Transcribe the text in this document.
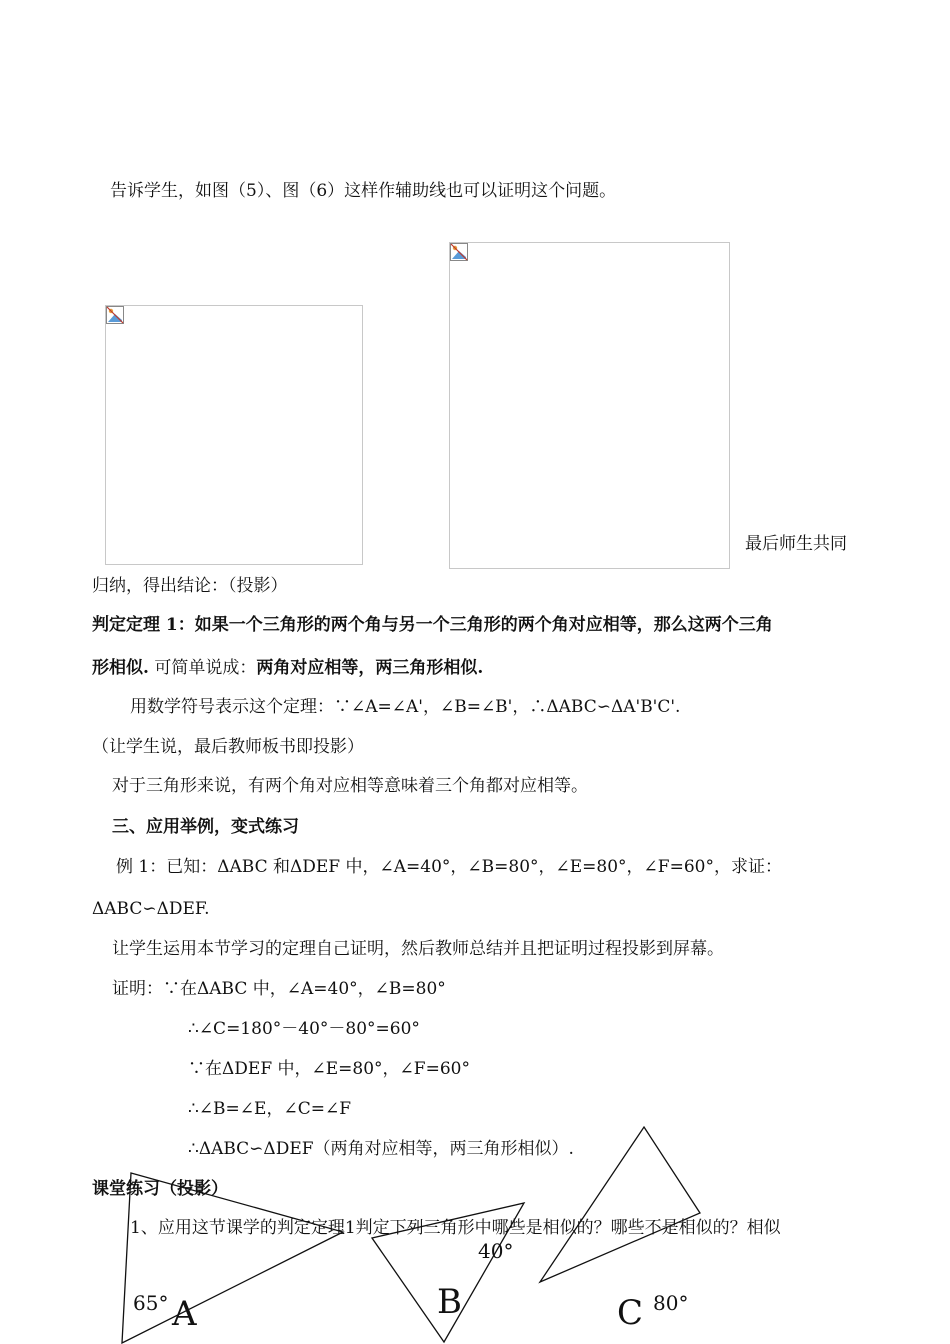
告诉学生，如图（5）、图（6）这样作辅助线也可以证明这个问题。
最后师生共同
归纳，得出结论：（投影）
判定定理 1：如果一个三角形的两个角与另一个三角形的两个角对应相等，那么这两个三角
形相似. 可简单说成：两角对应相等，两三角形相似.
用数学符号表示这个定理：∵∠A=∠A'，∠B=∠B'，∴ΔABC∽ΔA'B'C'.
（让学生说，最后教师板书即投影）
对于三角形来说，有两个角对应相等意味着三个角都对应相等。
三、应用举例，变式练习
例 1：已知：ΔABC 和ΔDEF 中，∠A=40°，∠B=80°，∠E=80°，∠F=60°，求证：
ΔABC∽ΔDEF.
让学生运用本节学习的定理自己证明，然后教师总结并且把证明过程投影到屏幕。
证明：∵在ΔABC 中，∠A=40°，∠B=80°
∴∠C=180°－40°－80°=60°
∵在ΔDEF 中，∠E=80°，∠F=60°
∴∠B=∠E，∠C=∠F
∴ΔABC∽ΔDEF（两角对应相等，两三角形相似）.
课堂练习（投影）
1、应用这节课学的判定定理1判定下列三角形中哪些是相似的？哪些不是相似的？相似
65° A
40°
B	C 80°
